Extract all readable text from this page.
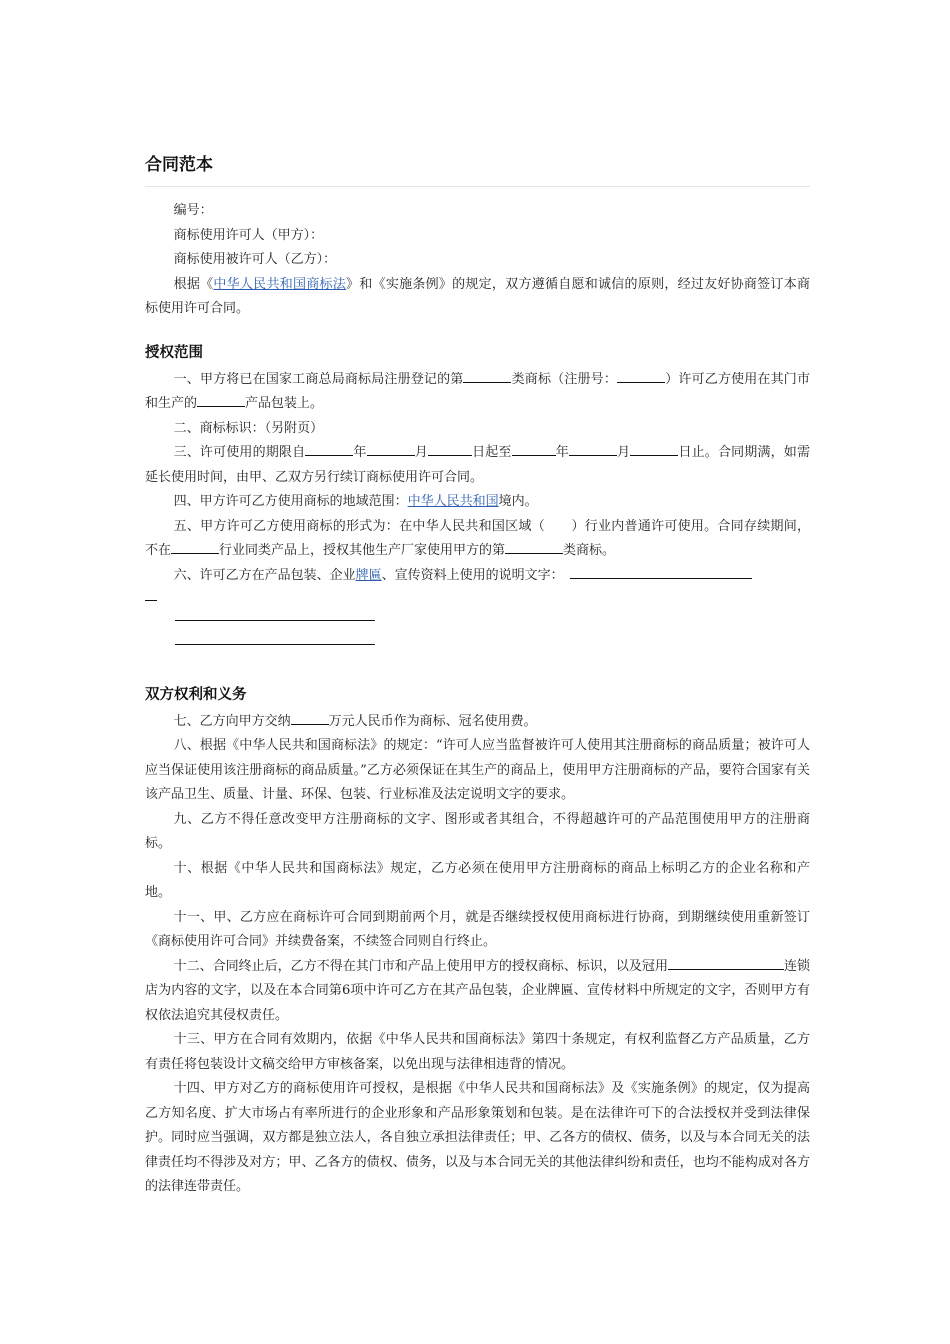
合同范本

编号：

商标使用许可人（甲方）：

商标使用被许可人（乙方）：

根据《中华人民共和国商标法》和《实施条例》的规定，双方遵循自愿和诚信的原则，经过友好协商签订本商标使用许可合同。

授权范围

一、甲方将已在国家工商总局商标局注册登记的第	类商标（注册号：	）许可乙方使用在其门市和生产的	产品包装上。

二、商标标识：（另附页）

三、许可使用的期限自	年	月	日起至	年	月	日止。合同期满，如需延长使用时间，由甲、乙双方另行续订商标使用许可合同。

四、甲方许可乙方使用商标的地域范围：中华人民共和国境内。

五、甲方许可乙方使用商标的形式为：在中华人民共和国区域（　　）行业内普通许可使用。合同存续期间，不在	行业同类产品上，授权其他生产厂家使用甲方的第	类商标。

六、许可乙方在产品包装、企业牌匾、宣传资料上使用的说明文字：　

双方权利和义务

七、乙方向甲方交纳	万元人民币作为商标、冠名使用费。

八、根据《中华人民共和国商标法》的规定：“许可人应当监督被许可人使用其注册商标的商品质量；被许可人应当保证使用该注册商标的商品质量。”乙方必须保证在其生产的商品上，使用甲方注册商标的产品，要符合国家有关该产品卫生、质量、计量、环保、包装、行业标准及法定说明文字的要求。

九、乙方不得任意改变甲方注册商标的文字、图形或者其组合，不得超越许可的产品范围使用甲方的注册商标。

十、根据《中华人民共和国商标法》规定，乙方必须在使用甲方注册商标的商品上标明乙方的企业名称和产地。

十一、甲、乙方应在商标许可合同到期前两个月，就是否继续授权使用商标进行协商，到期继续使用重新签订《商标使用许可合同》并续费备案，不续签合同则自行终止。

十二、合同终止后，乙方不得在其门市和产品上使用甲方的授权商标、标识，以及冠用	连锁店为内容的文字，以及在本合同第6项中许可乙方在其产品包装，企业牌匾、宣传材料中所规定的文字，否则甲方有权依法追究其侵权责任。

十三、甲方在合同有效期内，依据《中华人民共和国商标法》第四十条规定，有权利监督乙方产品质量，乙方有责任将包装设计文稿交给甲方审核备案，以免出现与法律相违背的情况。

十四、甲方对乙方的商标使用许可授权，是根据《中华人民共和国商标法》及《实施条例》的规定，仅为提高乙方知名度、扩大市场占有率所进行的企业形象和产品形象策划和包装。是在法律许可下的合法授权并受到法律保护。同时应当强调，双方都是独立法人，各自独立承担法律责任；甲、乙各方的债权、债务，以及与本合同无关的法律责任均不得涉及对方；甲、乙各方的债权、债务，以及与本合同无关的其他法律纠纷和责任，也均不能构成对各方的法律连带责任。
